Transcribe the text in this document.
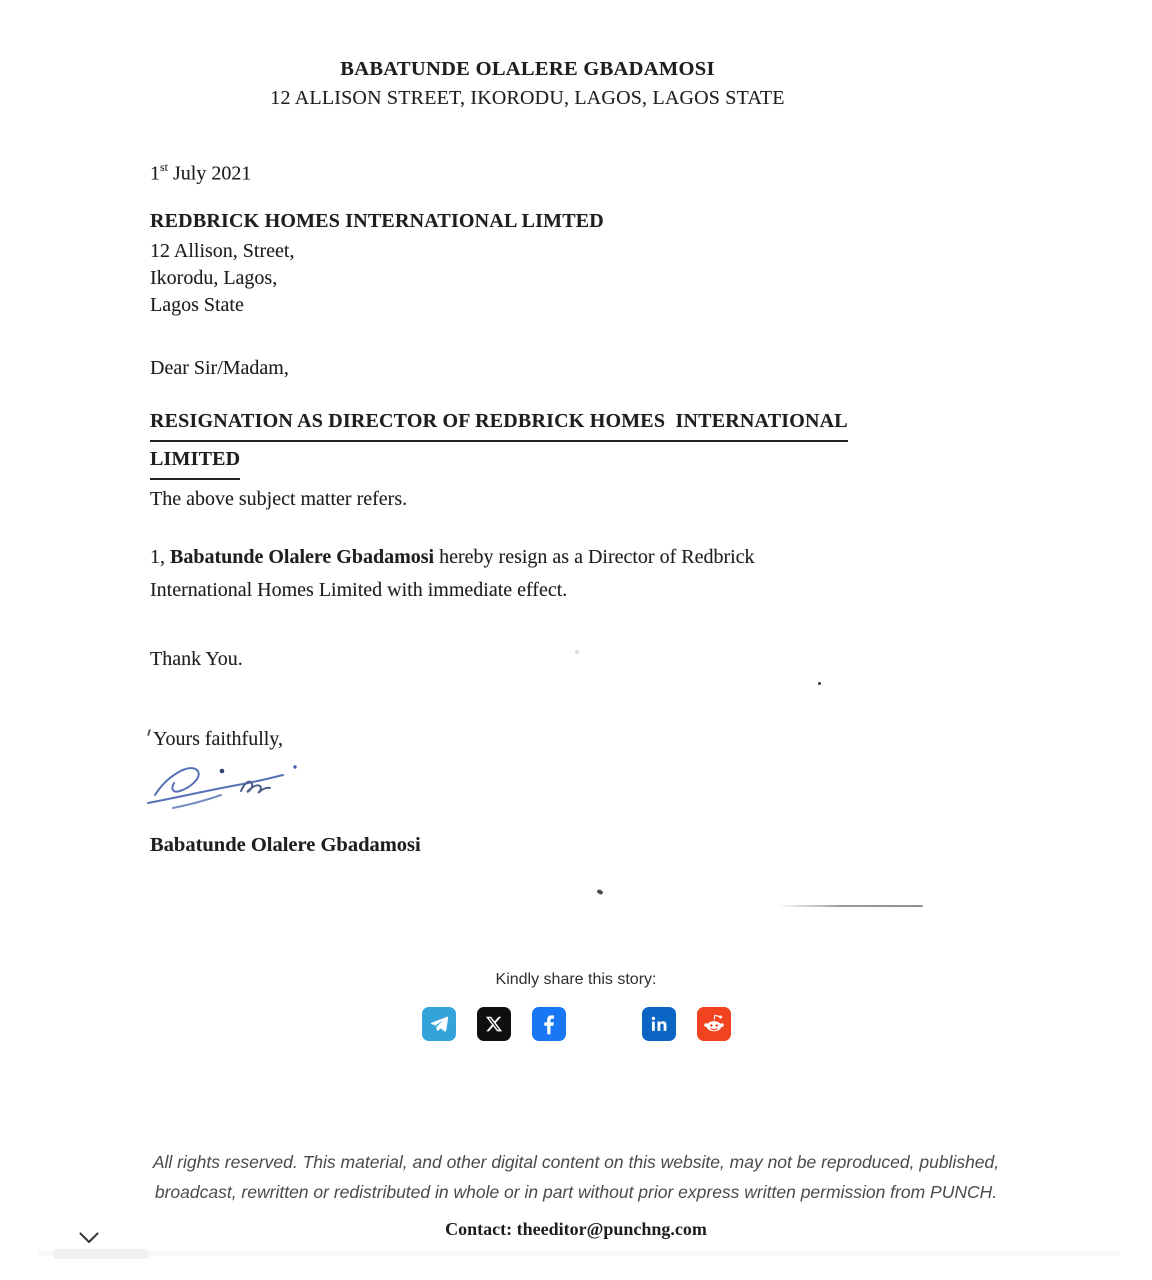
BABATUNDE OLALERE GBADAMOSI
12 ALLISON STREET, IKORODU, LAGOS, LAGOS STATE
1st July 2021
REDBRICK HOMES INTERNATIONAL LIMTED
12 Allison, Street,
Ikorodu, Lagos,
Lagos State
Dear Sir/Madam,
RESIGNATION AS DIRECTOR OF REDBRICK HOMES  INTERNATIONAL
LIMITED
The above subject matter refers.
1, Babatunde Olalere Gbadamosi hereby resign as a Director of Redbrick
International Homes Limited with immediate effect.
Thank You.
Yours faithfully,
Babatunde Olalere Gbadamosi
Kindly share this story:
All rights reserved. This material, and other digital content on this website, may not be reproduced, published, broadcast, rewritten or redistributed in whole or in part without prior express written permission from PUNCH.
Contact: theeditor@punchng.com
